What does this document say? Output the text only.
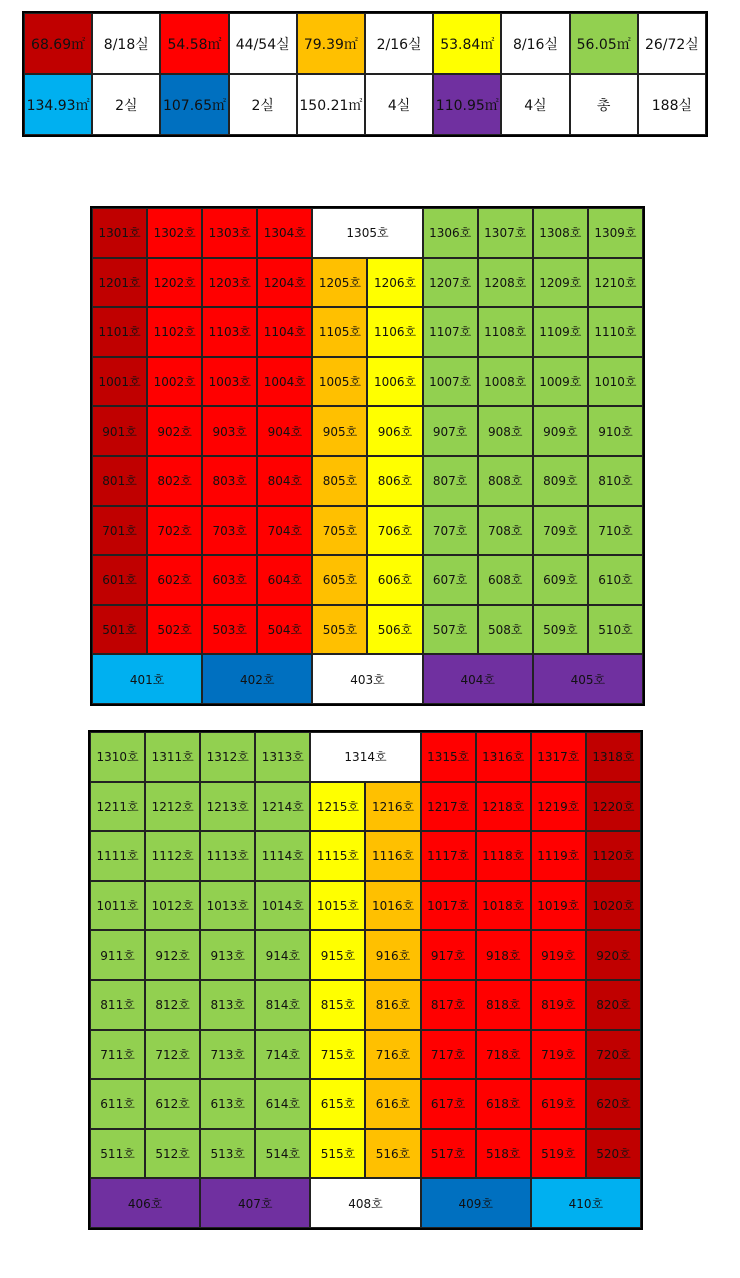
68.69㎡	8/18실	54.58㎡	44/54실	79.39㎡	2/16실	53.84㎡	8/16실	56.05㎡	26/72실
134.93㎡	2실	107.65㎡	2실	150.21㎡	4실	110.95㎡	4실	총	188실
1301호	1302호	1303호	1304호	1305호	1306호	1307호	1308호	1309호
1201호	1202호	1203호	1204호	1205호	1206호	1207호	1208호	1209호	1210호
1101호	1102호	1103호	1104호	1105호	1106호	1107호	1108호	1109호	1110호
1001호	1002호	1003호	1004호	1005호	1006호	1007호	1008호	1009호	1010호
901호	902호	903호	904호	905호	906호	907호	908호	909호	910호
801호	802호	803호	804호	805호	806호	807호	808호	809호	810호
701호	702호	703호	704호	705호	706호	707호	708호	709호	710호
601호	602호	603호	604호	605호	606호	607호	608호	609호	610호
501호	502호	503호	504호	505호	506호	507호	508호	509호	510호
401호	402호	403호	404호	405호
1310호	1311호	1312호	1313호	1314호	1315호	1316호	1317호	1318호
1211호	1212호	1213호	1214호	1215호	1216호	1217호	1218호	1219호	1220호
1111호	1112호	1113호	1114호	1115호	1116호	1117호	1118호	1119호	1120호
1011호	1012호	1013호	1014호	1015호	1016호	1017호	1018호	1019호	1020호
911호	912호	913호	914호	915호	916호	917호	918호	919호	920호
811호	812호	813호	814호	815호	816호	817호	818호	819호	820호
711호	712호	713호	714호	715호	716호	717호	718호	719호	720호
611호	612호	613호	614호	615호	616호	617호	618호	619호	620호
511호	512호	513호	514호	515호	516호	517호	518호	519호	520호
406호	407호	408호	409호	410호
